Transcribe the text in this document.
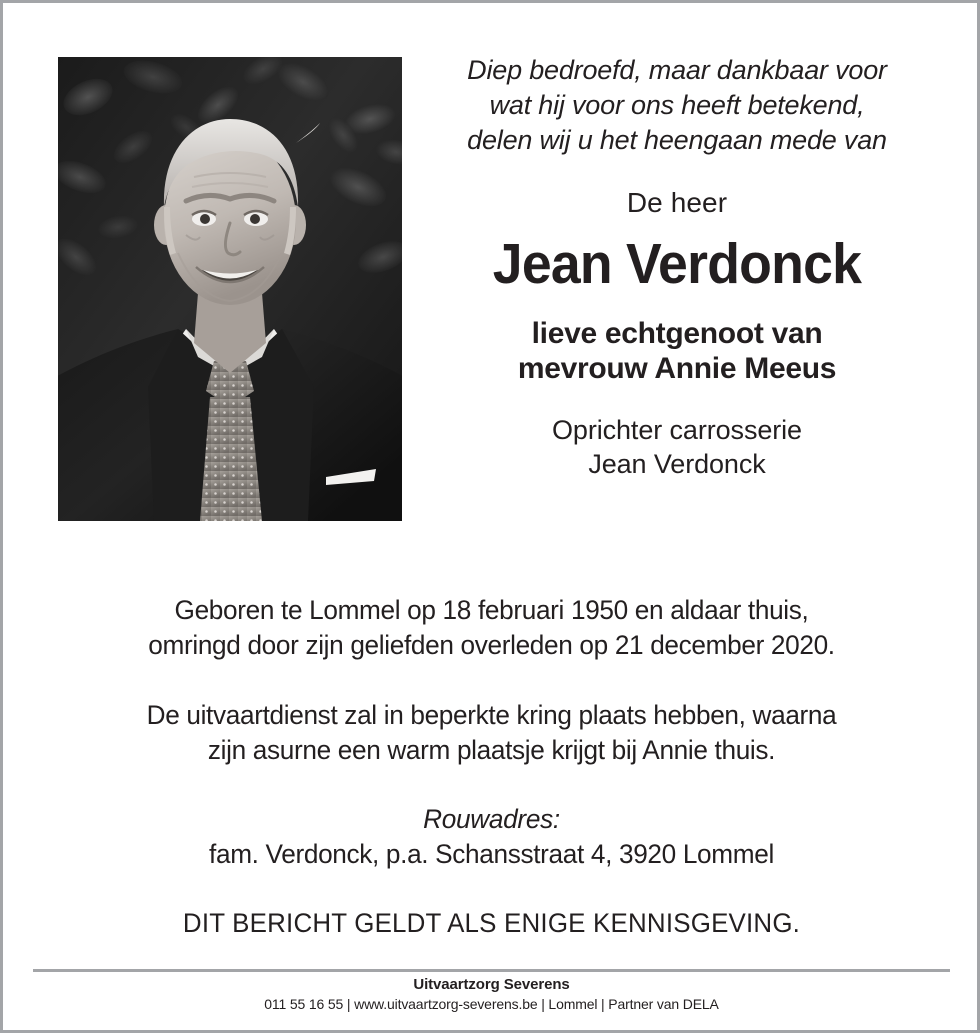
Diep bedroefd, maar dankbaar voor
wat hij voor ons heeft betekend,
delen wij u het heengaan mede van
De heer
Jean Verdonck
lieve echtgenoot van
mevrouw Annie Meeus
Oprichter carrosserie
Jean Verdonck
Geboren te Lommel op 18 februari 1950 en aldaar thuis,
omringd door zijn geliefden overleden op 21 december 2020.
De uitvaartdienst zal in beperkte kring plaats hebben, waarna
zijn asurne een warm plaatsje krijgt bij Annie thuis.
Rouwadres:
fam. Verdonck, p.a. Schansstraat 4, 3920 Lommel
DIT BERICHT GELDT ALS ENIGE KENNISGEVING.
Uitvaartzorg Severens
011 55 16 55 | www.uitvaartzorg-severens.be | Lommel | Partner van DELA
